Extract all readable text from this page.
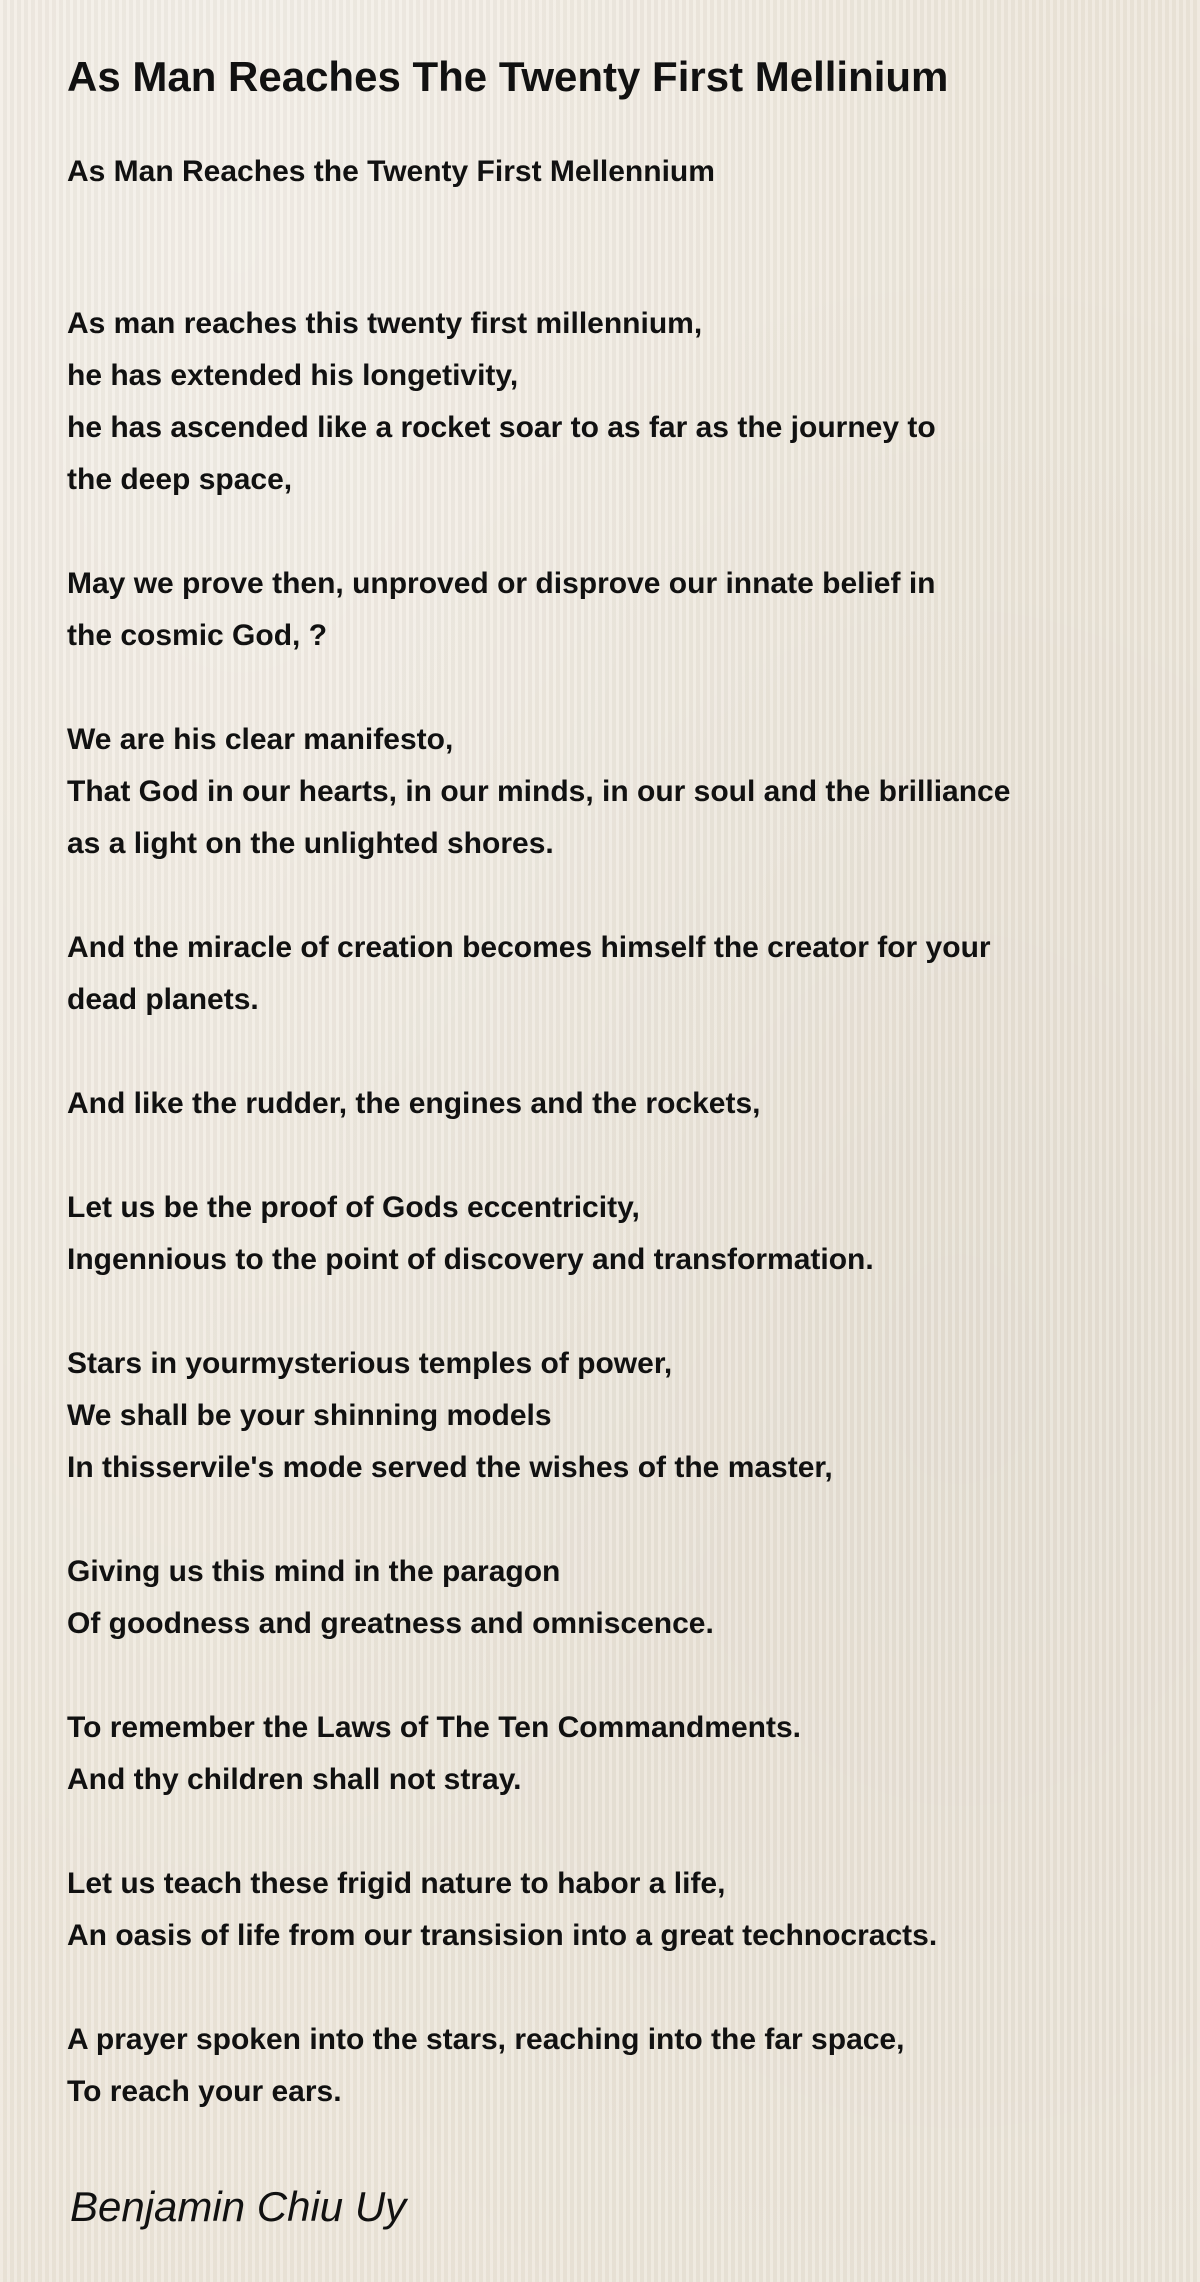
As Man Reaches The Twenty First Mellinium
As Man Reaches the Twenty First Mellennium
As man reaches this twenty first millennium,
he has extended his longetivity,
he has ascended like a rocket soar to as far as the journey to
the deep space,
May we prove then, unproved or disprove our innate belief in
the cosmic God, ?
We are his clear manifesto,
That God in our hearts, in our minds, in our soul and the brilliance
as a light on the unlighted shores.
And the miracle of creation becomes himself the creator for your
dead planets.
And like the rudder, the engines and the rockets,
Let us be the proof of Gods eccentricity,
Ingennious to the point of discovery and transformation.
Stars in yourmysterious temples of power,
We shall be your shinning models
In thisservile's mode served the wishes of the master,
Giving us this mind in the paragon
Of goodness and greatness and omniscence.
To remember the Laws of The Ten Commandments.
And thy children shall not stray.
Let us teach these frigid nature to habor a life,
An oasis of life from our transision into a great technocracts.
A prayer spoken into the stars, reaching into the far space,
To reach your ears.
Benjamin Chiu Uy
